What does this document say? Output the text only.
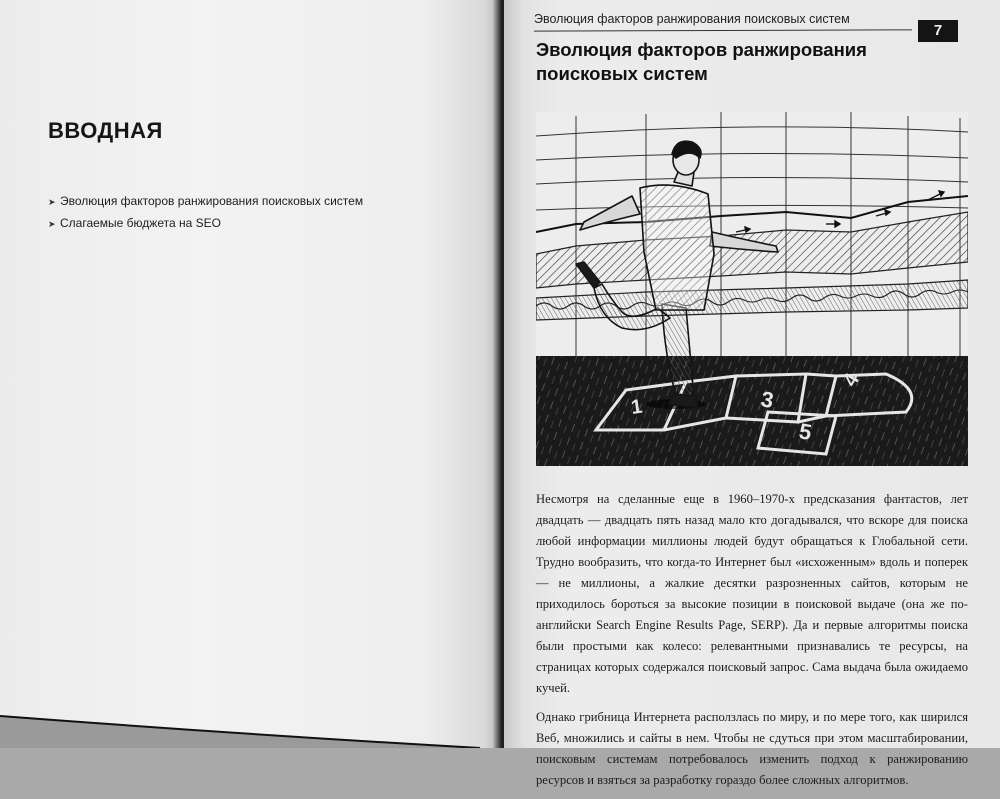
ВВОДНАЯ
➤ Эволюция факторов ранжирования поисковых систем
➤ Слагаемые бюджета на SEO
Эволюция факторов ранжирования поисковых систем
7
Эволюция факторов ранжирования поисковых систем
1	3
5
4

Несмотря на сделанные еще в 1960–1970-х предсказания фантастов, лет двадцать — двадцать пять назад мало кто догадывался, что вскоре для поиска любой информации миллионы людей будут обращаться к Глобальной сети. Трудно вообразить, что когда-то Интернет был «исхоженным» вдоль и поперек — не миллионы, а жалкие десятки разрозненных сайтов, которым не приходилось бороться за высокие позиции в поисковой выдаче (она же по-английски Search Engine Results Page, SERP). Да и первые алгоритмы поиска были простыми как колесо: релевантными признавались те ресурсы, на страницах которых содержался поисковый запрос. Сама выдача была ожидаемо кучей.

Однако грибница Интернета расползлась по миру, и по мере того, как ширился Веб, множились и сайты в нем. Чтобы не сдуться при этом масштабировании, поисковым системам потребовалось изменить подход к ранжированию ресурсов и взяться за разработку гораздо более сложных алгоритмов.
